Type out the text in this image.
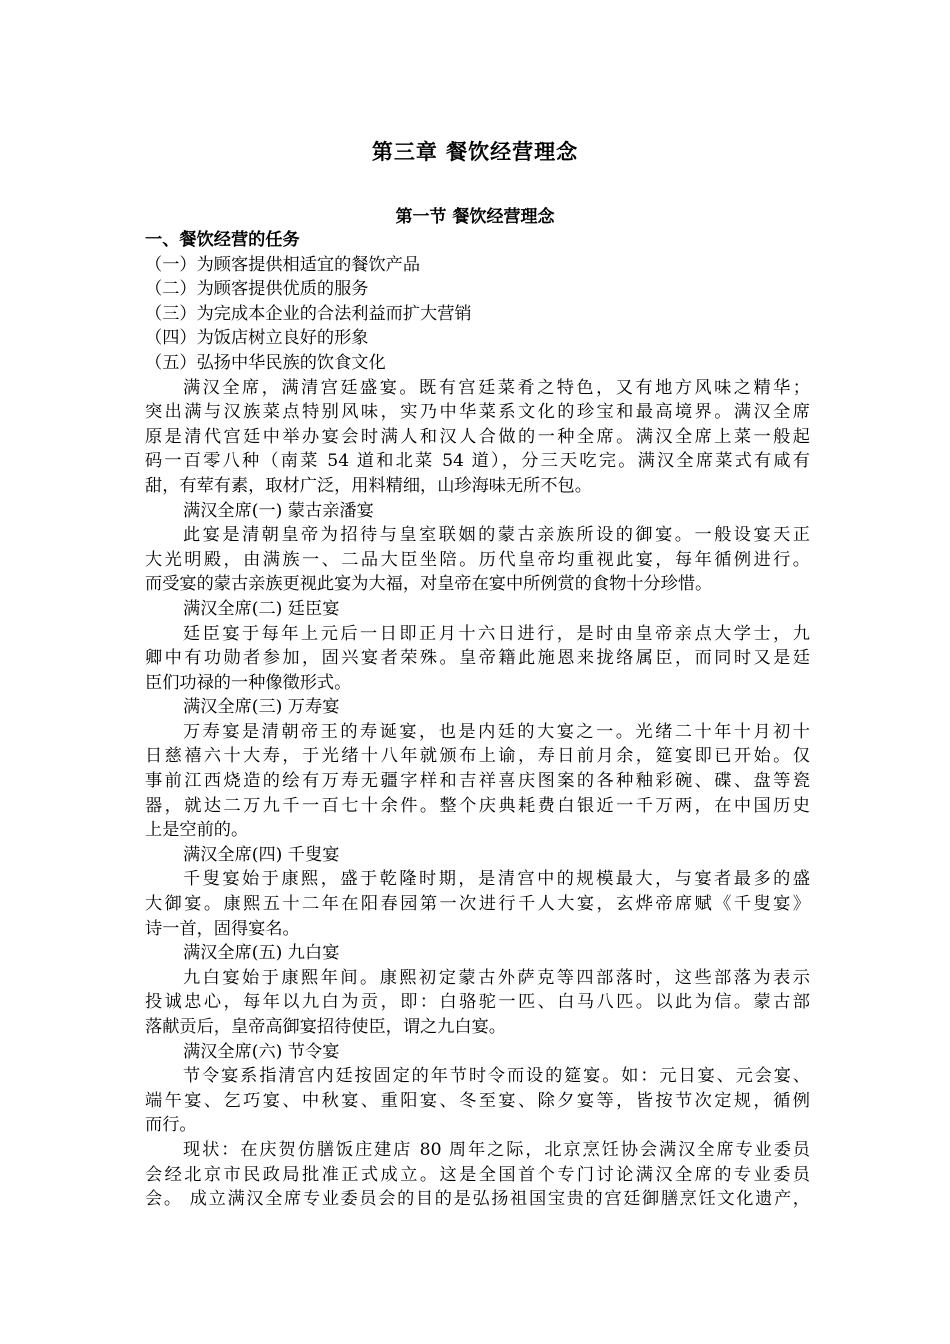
第三章 餐饮经营理念
第一节 餐饮经营理念
一、餐饮经营的任务
（一）为顾客提供相适宜的餐饮产品
（二）为顾客提供优质的服务
（三）为完成本企业的合法利益而扩大营销
（四）为饭店树立良好的形象
（五）弘扬中华民族的饮食文化
满汉全席，满清宫廷盛宴。既有宫廷菜肴之特色，又有地方风味之精华；
突出满与汉族菜点特别风味，实乃中华菜系文化的珍宝和最高境界。满汉全席
原是清代宫廷中举办宴会时满人和汉人合做的一种全席。满汉全席上菜一般起
码一百零八种（南菜 54 道和北菜 54 道），分三天吃完。满汉全席菜式有咸有
甜，有荤有素，取材广泛，用料精细，山珍海味无所不包。
满汉全席(一) 蒙古亲潘宴
此宴是清朝皇帝为招待与皇室联姻的蒙古亲族所设的御宴。一般设宴天正
大光明殿，由满族一、二品大臣坐陪。历代皇帝均重视此宴，每年循例进行。
而受宴的蒙古亲族更视此宴为大福，对皇帝在宴中所例赏的食物十分珍惜。
满汉全席(二) 廷臣宴
廷臣宴于每年上元后一日即正月十六日进行，是时由皇帝亲点大学士，九
卿中有功勋者参加，固兴宴者荣殊。皇帝籍此施恩来拢络属臣，而同时又是廷
臣们功禄的一种像徵形式。
满汉全席(三) 万寿宴
万寿宴是清朝帝王的寿诞宴，也是内廷的大宴之一。光绪二十年十月初十
日慈禧六十大寿，于光绪十八年就颁布上谕，寿日前月余，筵宴即已开始。仅
事前江西烧造的绘有万寿无疆字样和吉祥喜庆图案的各种釉彩碗、碟、盘等瓷
器，就达二万九千一百七十余件。整个庆典耗费白银近一千万两，在中国历史
上是空前的。
满汉全席(四) 千叟宴
千叟宴始于康熙，盛于乾隆时期，是清宫中的规模最大，与宴者最多的盛
大御宴。康熙五十二年在阳春园第一次进行千人大宴，玄烨帝席赋《千叟宴》
诗一首，固得宴名。
满汉全席(五) 九白宴
九白宴始于康熙年间。康熙初定蒙古外萨克等四部落时，这些部落为表示
投诚忠心，每年以九白为贡，即：白骆驼一匹、白马八匹。以此为信。蒙古部
落献贡后，皇帝高御宴招待使臣，谓之九白宴。
满汉全席(六) 节令宴
节令宴系指清宫内廷按固定的年节时令而设的筵宴。如：元日宴、元会宴、
端午宴、乞巧宴、中秋宴、重阳宴、冬至宴、除夕宴等，皆按节次定规，循例
而行。
现状：在庆贺仿膳饭庄建店 80 周年之际，北京烹饪协会满汉全席专业委员
会经北京市民政局批准正式成立。这是全国首个专门讨论满汉全席的专业委员
会。 成立满汉全席专业委员会的目的是弘扬祖国宝贵的宫廷御膳烹饪文化遗产，
